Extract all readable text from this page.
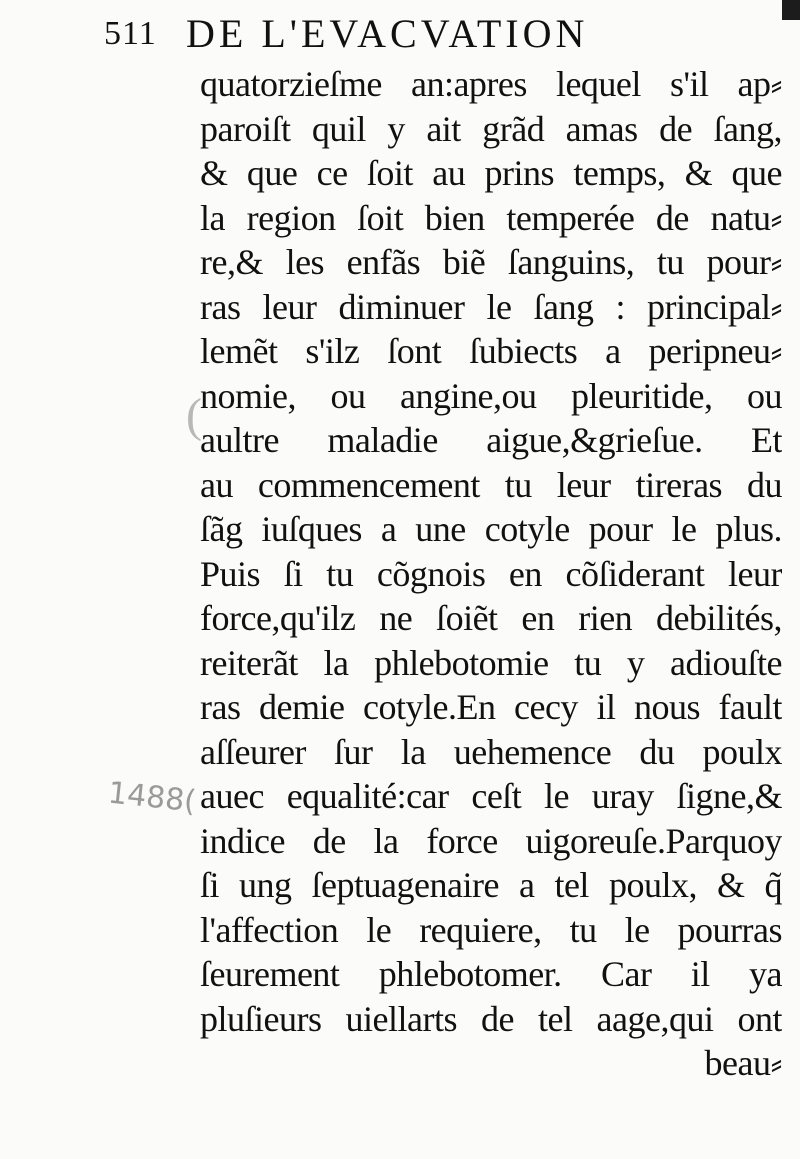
511 DE L'EVACVATION
(
1488(
quatorzieſme an:apres lequel s'il ap⸗
paroiſt quil y ait grãd amas de ſang,
& que ce ſoit au prins temps, & que
la region ſoit bien temperée de natu⸗
re,& les enfãs biẽ ſanguins, tu pour⸗
ras leur diminuer le ſang : principal⸗
lemẽt s'ilz ſont ſubiects a peripneu⸗
nomie, ou angine,ou pleuritide, ou
aultre maladie aigue,&grieſue. Et
au commencement tu leur tireras du
ſãg iuſques a une cotyle pour le plus.
Puis ſi tu cõgnois en cõſiderant leur
force,qu'ilz ne ſoiẽt en rien debilités,
reiterãt la phlebotomie tu y adiouſte
ras demie cotyle.En cecy il nous fault
aſſeurer ſur la uehemence du poulx
auec equalité:car ceſt le uray ſigne,&
indice de la force uigoreuſe.Parquoy
ſi ung ſeptuagenaire a tel poulx, & q̃
l'affection le requiere, tu le pourras
ſeurement phlebotomer. Car il ya
pluſieurs uiellarts de tel aage,qui ont
beau⸗
